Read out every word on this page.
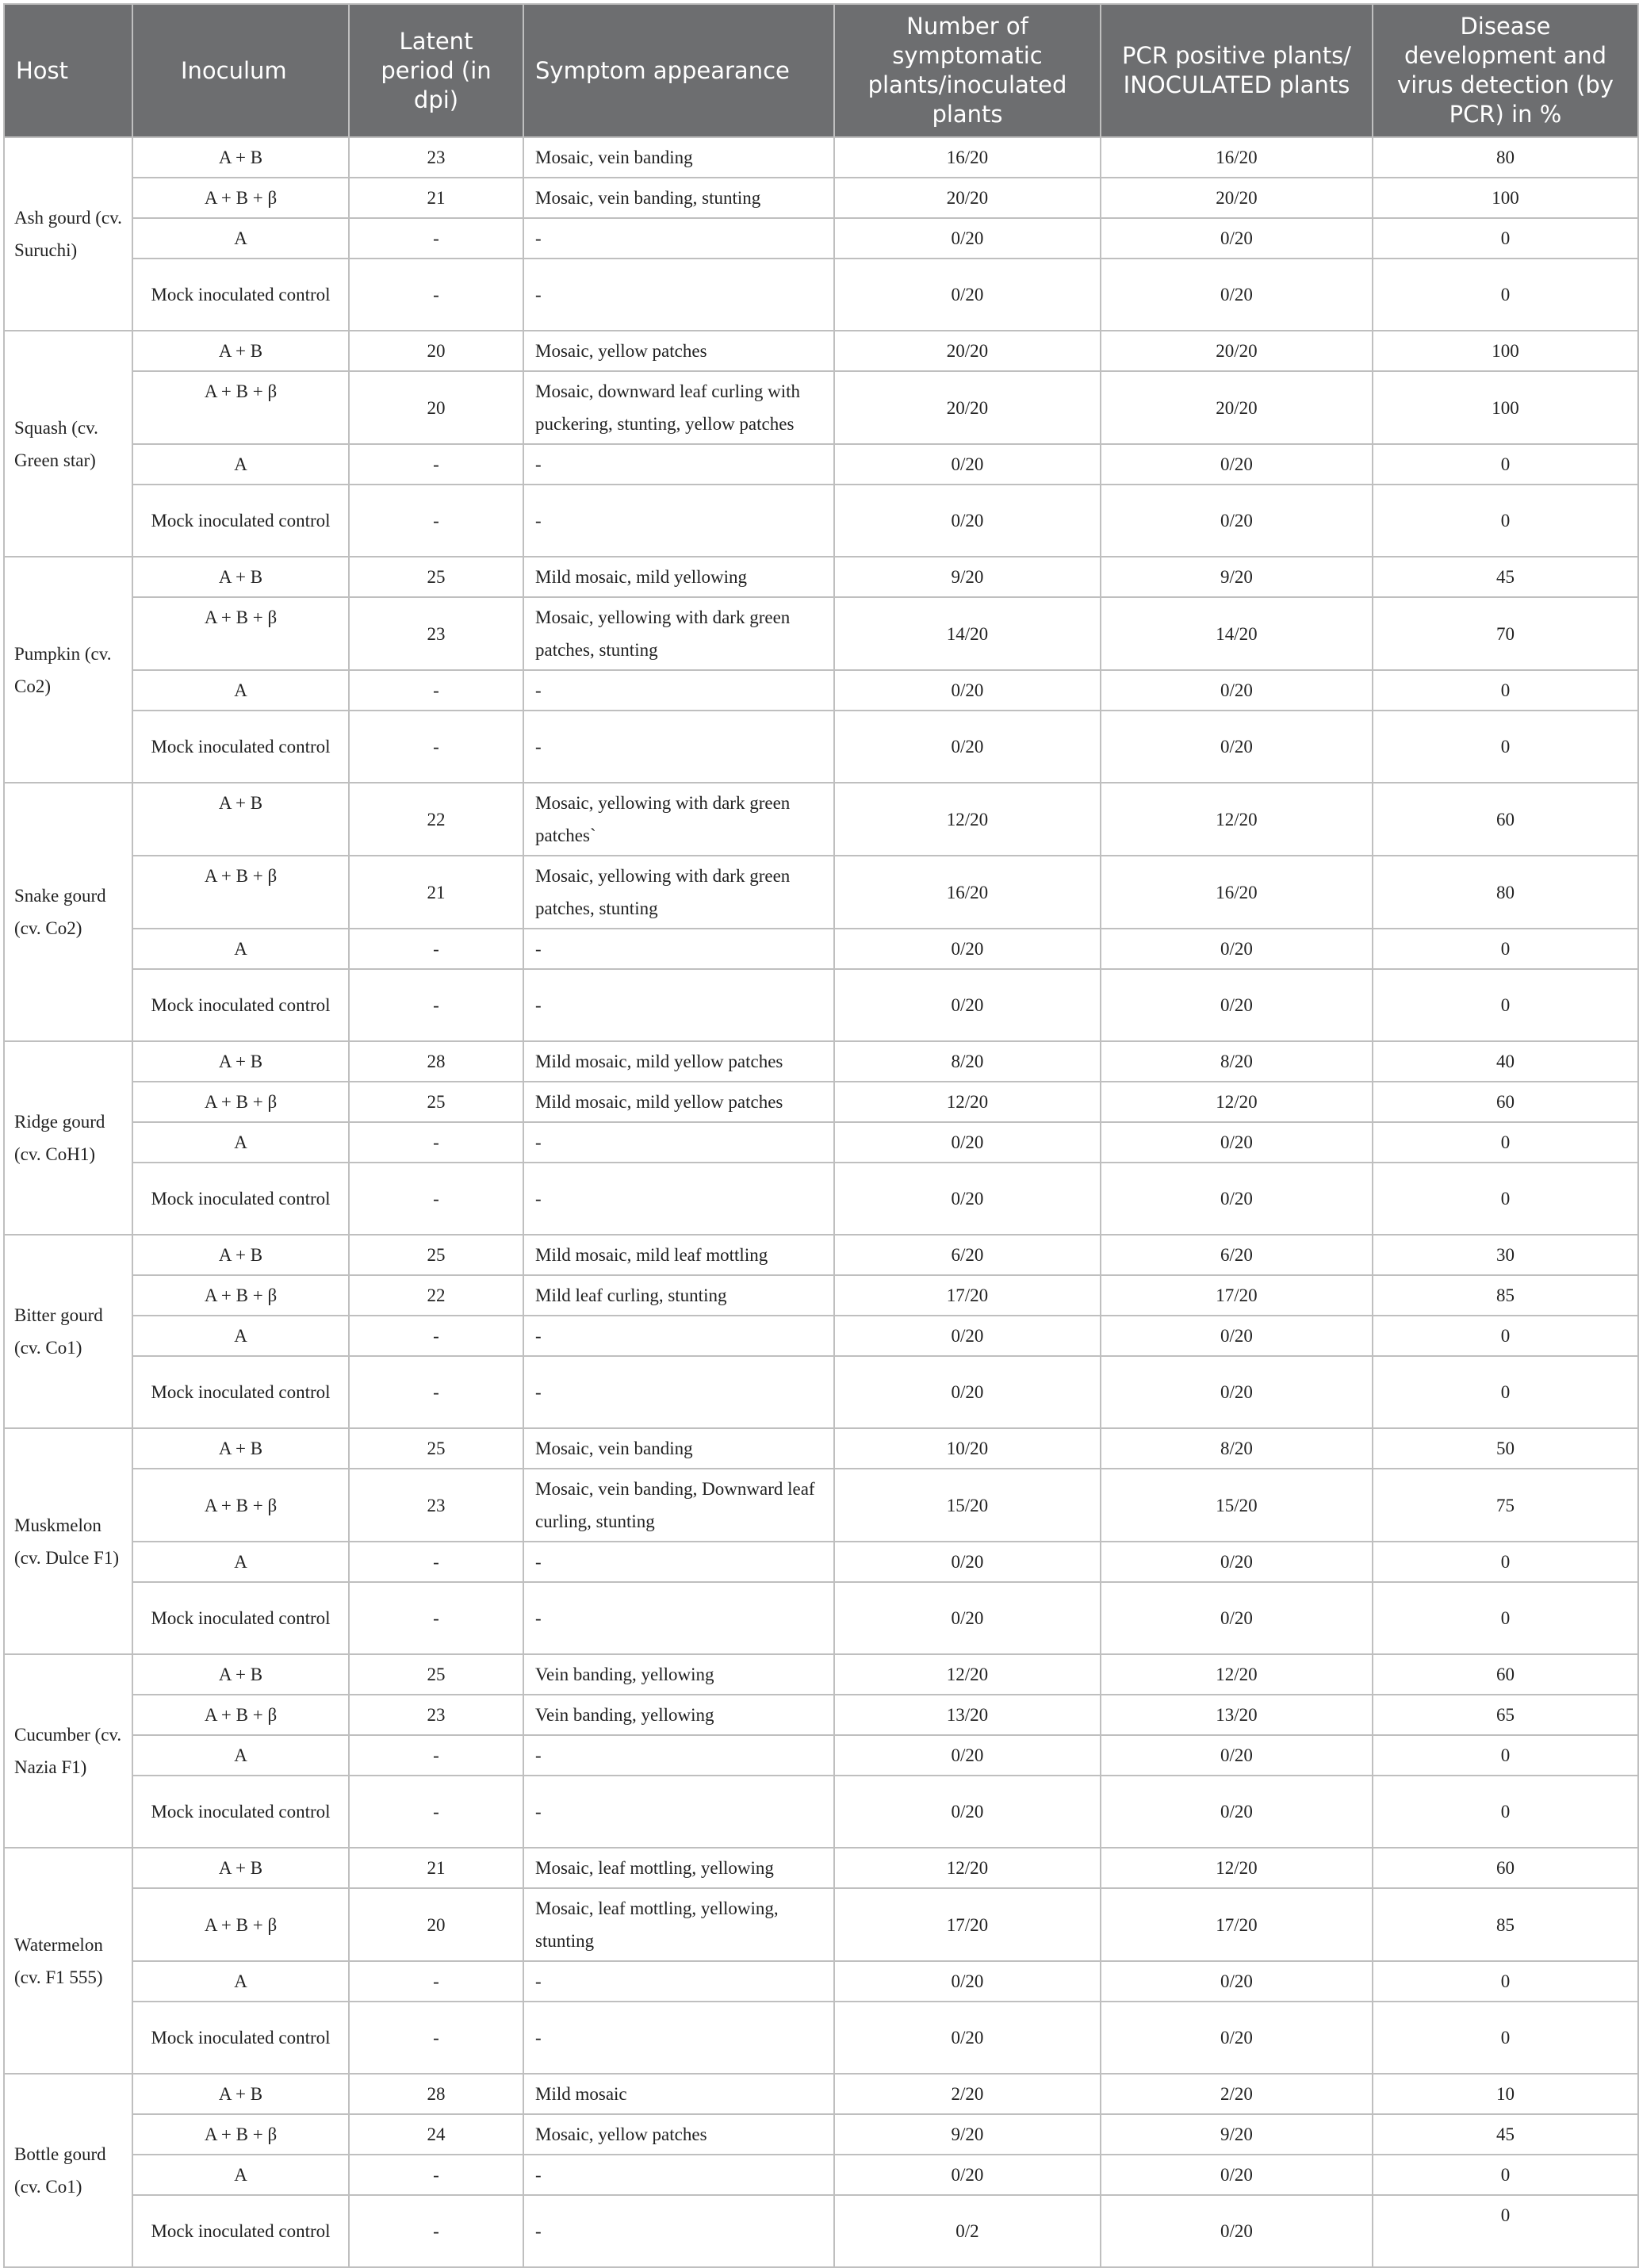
Host	Inoculum	Latent period (in dpi)	Symptom appearance	Number of symptomatic plants/inoculated plants	PCR positive plants/ INOCULATED plants	Disease development and virus detection (by PCR) in %
Ash gourd (cv. Suruchi)	A + B	23	Mosaic, vein banding	16/20	16/20	80
	A + B + β	21	Mosaic, vein banding, stunting	20/20	20/20	100
	A	-	-	0/20	0/20	0
	Mock inoculated control	-	-	0/20	0/20	0
Squash (cv. Green star)	A + B	20	Mosaic, yellow patches	20/20	20/20	100
	A + B + β	20	Mosaic, downward leaf curling with puckering, stunting, yellow patches	20/20	20/20	100
	A	-	-	0/20	0/20	0
	Mock inoculated control	-	-	0/20	0/20	0
Pumpkin (cv. Co2)	A + B	25	Mild mosaic, mild yellowing	9/20	9/20	45
	A + B + β	23	Mosaic, yellowing with dark green patches, stunting	14/20	14/20	70
	A	-	-	0/20	0/20	0
	Mock inoculated control	-	-	0/20	0/20	0
Snake gourd (cv. Co2)	A + B	22	Mosaic, yellowing with dark green patches`	12/20	12/20	60
	A + B + β	21	Mosaic, yellowing with dark green patches, stunting	16/20	16/20	80
	A	-	-	0/20	0/20	0
	Mock inoculated control	-	-	0/20	0/20	0
Ridge gourd (cv. CoH1)	A + B	28	Mild mosaic, mild yellow patches	8/20	8/20	40
	A + B + β	25	Mild mosaic, mild yellow patches	12/20	12/20	60
	A	-	-	0/20	0/20	0
	Mock inoculated control	-	-	0/20	0/20	0
Bitter gourd (cv. Co1)	A + B	25	Mild mosaic, mild leaf mottling	6/20	6/20	30
	A + B + β	22	Mild leaf curling, stunting	17/20	17/20	85
	A	-	-	0/20	0/20	0
	Mock inoculated control	-	-	0/20	0/20	0
Muskmelon (cv. Dulce F1)	A + B	25	Mosaic, vein banding	10/20	8/20	50
	A + B + β	23	Mosaic, vein banding, Downward leaf curling, stunting	15/20	15/20	75
	A	-	-	0/20	0/20	0
	Mock inoculated control	-	-	0/20	0/20	0
Cucumber (cv. Nazia F1)	A + B	25	Vein banding, yellowing	12/20	12/20	60
	A + B + β	23	Vein banding, yellowing	13/20	13/20	65
	A	-	-	0/20	0/20	0
	Mock inoculated control	-	-	0/20	0/20	0
Watermelon (cv. F1 555)	A + B	21	Mosaic, leaf mottling, yellowing	12/20	12/20	60
	A + B + β	20	Mosaic, leaf mottling, yellowing, stunting	17/20	17/20	85
	A	-	-	0/20	0/20	0
	Mock inoculated control	-	-	0/20	0/20	0
Bottle gourd (cv. Co1)	A + B	28	Mild mosaic	2/20	2/20	10
	A + B + β	24	Mosaic, yellow patches	9/20	9/20	45
	A	-	-	0/20	0/20	0
	Mock inoculated control	-	-	0/2	0/20	0
